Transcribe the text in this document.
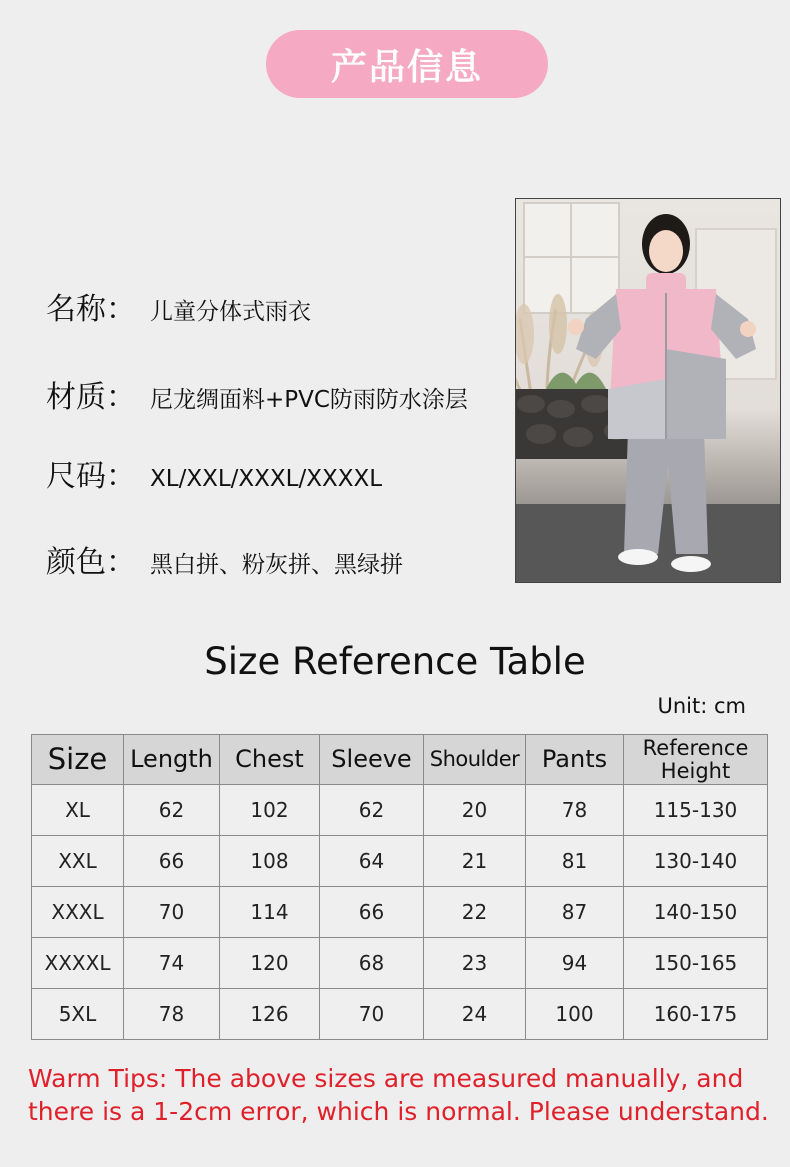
产品信息
名称： 儿童分体式雨衣
材质： 尼龙绸面料+PVC防雨防水涂层
尺码： XL/XXL/XXXL/XXXXL
颜色： 黑白拼、粉灰拼、黑绿拼
Size Reference Table
Unit: cm
Size	Length	Chest	Sleeve	Shoulder	Pants	Reference Height
XL	62	102	62	20	78	115-130
XXL	66	108	64	21	81	130-140
XXXL	70	114	66	22	87	140-150
XXXXL	74	120	68	23	94	150-165
5XL	78	126	70	24	100	160-175
Warm Tips: The above sizes are measured manually, and
there is a 1-2cm error, which is normal. Please understand.
